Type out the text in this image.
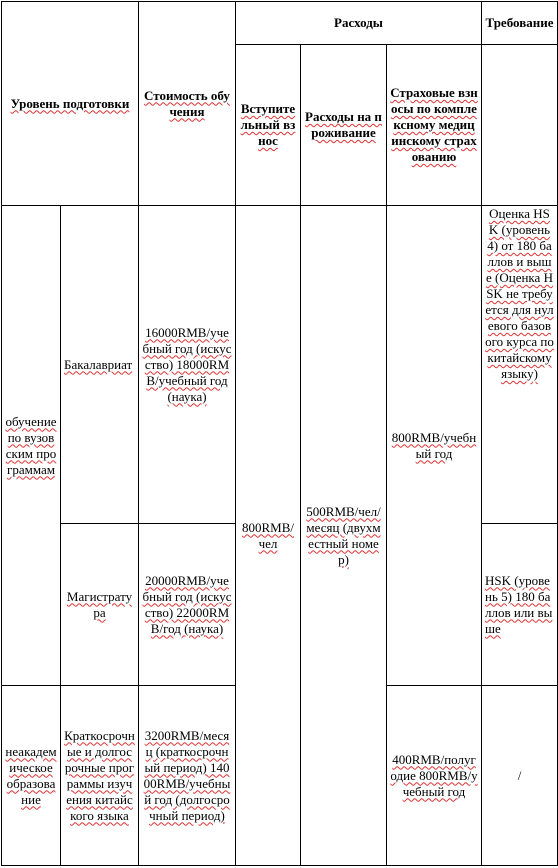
Уровень подготовки		Стоимость обучения	Расходы			Требование
			Вступительный взнос	Расходы на проживание	Страховые взносы по комплексному медицинскому страхованию	
обучение по вузовским программам	Бакалавриат	16000RMB/учебный год (искусство) 18000RMB/учебный год (наука)	800RMB/чел	500RMB/чел/месяц (двухместный номер)	800RMB/учебный год	Оценка HSK (уровень 4) от 180 баллов и выше (Оценка HSK не требуется для нулевого базового курса по китайскому языку)
	Магистратура	20000RMB/учебный год (искусство) 22000RMB/год (наука)				HSK (уровень 5) 180 баллов или выше
неакадемическое образование	Краткосрочные и долгосрочные программы изучения китайского языка	3200RMB/месяц (краткосрочный период) 14000RMB/учебный год (долгосрочный период)			400RMB/полугодие 800RMB/учебный год	/
